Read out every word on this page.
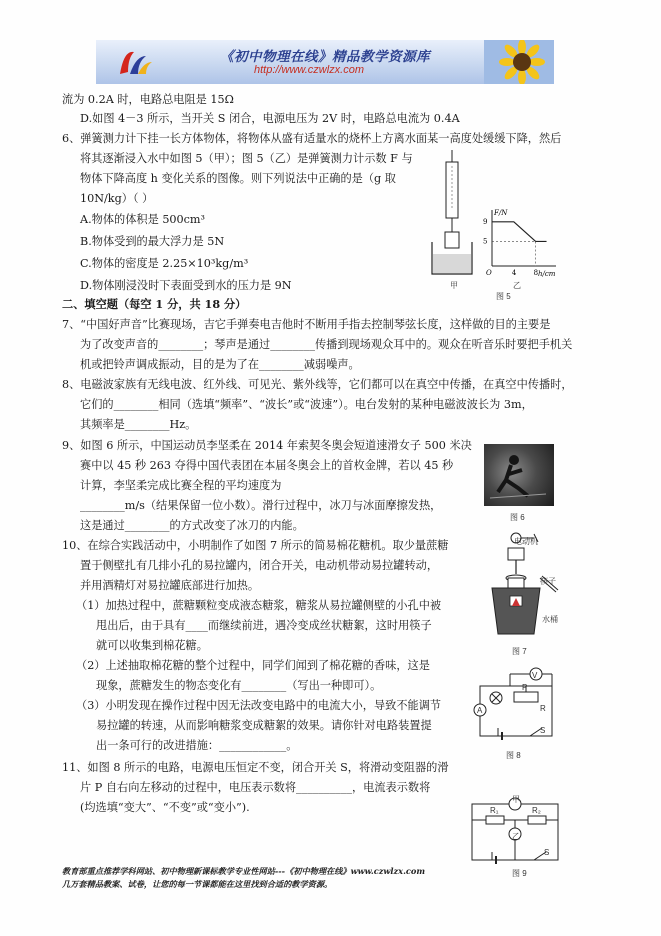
《初中物理在线》精品教学资源库
http://www.czwlzx.com
流为 0.2A 时，电路总电阻是 15Ω
D.如图 4－3 所示，当开关 S 闭合，电源电压为 2V 时，电路总电流为 0.4A
6、弹簧测力计下挂一长方体物体，将物体从盛有适量水的烧杯上方离水面某一高度处缓缓下降，然后
将其逐渐浸入水中如图 5（甲）；图 5（乙）是弹簧测力计示数 F 与
物体下降高度 h 变化关系的图像。则下列说法中正确的是（g 取
10N/kg）（ ）
A.物体的体积是 500cm³
B.物体受到的最大浮力是 5N
C.物体的密度是 2.25×10³kg/m³
D.物体刚浸没时下表面受到水的压力是 9N
二、填空题（每空 1 分，共 18 分）
7、“中国好声音”比赛现场，吉它手弹奏电吉他时不断用手指去控制琴弦长度，这样做的目的主要是
为了改变声音的________；琴声是通过________传播到现场观众耳中的。观众在听音乐时要把手机关
机或把铃声调成振动，目的是为了在________减弱噪声。
8、电磁波家族有无线电波、红外线、可见光、紫外线等，它们都可以在真空中传播，在真空中传播时，
它们的________相同（选填“频率”、“波长”或“波速”）。电台发射的某种电磁波波长为 3m，
其频率是________Hz。
9、如图 6 所示，中国运动员李坚柔在 2014 年索契冬奥会短道速滑女子 500 米决
赛中以 45 秒 263 夺得中国代表团在本届冬奥会上的首枚金牌，若以 45 秒
计算，李坚柔完成比赛全程的平均速度为
________m/s（结果保留一位小数）。滑行过程中，冰刀与冰面摩擦发热，
这是通过________的方式改变了冰刀的内能。
10、在综合实践活动中，小明制作了如图 7 所示的简易棉花糖机。取少量蔗糖
置于侧壁扎有几排小孔的易拉罐内，闭合开关，电动机带动易拉罐转动，
并用酒精灯对易拉罐底部进行加热。
（1）加热过程中，蔗糖颗粒变成液态糖浆，糖浆从易拉罐侧壁的小孔中被
甩出后，由于具有____而继续前进，遇冷变成丝状糖絮，这时用筷子
就可以收集到棉花糖。
（2）上述抽取棉花糖的整个过程中，同学们闻到了棉花糖的香味，这是
现象，蔗糖发生的物态变化有________（写出一种即可）。
（3）小明发现在操作过程中因无法改变电路中的电流大小，导致不能调节
易拉罐的转速，从而影响糖浆变成糖絮的效果。请你针对电路装置提
出一条可行的改进措施：____________。
11、如图 8 所示的电路，电源电压恒定不变，闭合开关 S，将滑动变阻器的滑
片 P 自右向左移动的过程中，电压表示数将__________，电流表示数将
(均选填“变大”、“不变”或“变小”).
甲
F/N
h/cm
5
9
O	4 8
乙
图 5
图 6
电动机
筷子
水桶
图 7
V
A
P
R
S
图 8
甲
乙
R₁	R₂
S
图 9
教育部重点推荐学科网站、初中物理新课标教学专业性网站---《初中物理在线》www.czwlzx.com
几万套精品教案、试卷，让您的每一节课都能在这里找到合适的教学资源。
